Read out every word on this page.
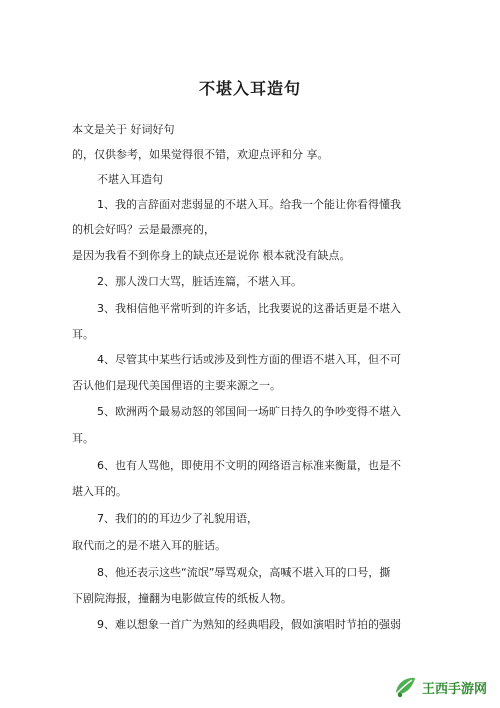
不堪入耳造句
本文是关于 好词好句
的，仅供参考，如果觉得很不错，欢迎点评和分 享。
不堪入耳造句
1、我的言辞面对悲弱显的不堪入耳。给我一个能让你看得懂我
的机会好吗？云是最漂亮的，
是因为我看不到你身上的缺点还是说你 根本就没有缺点。
2、那人泼口大骂，脏话连篇，不堪入耳。
3、我相信他平常听到的许多话，比我要说的这番话更是不堪入
耳。
4、尽管其中某些行话或涉及到性方面的俚语不堪入耳，但不可
否认他们是现代美国俚语的主要来源之一。
5、欧洲两个最易动怒的邻国间一场旷日持久的争吵变得不堪入
耳。
6、也有人骂他，即使用不文明的网络语言标准来衡量，也是不
堪入耳的。
7、我们的的耳边少了礼貌用语，
取代而之的是不堪入耳的脏话。
8、他还表示这些“流氓”辱骂观众，高喊不堪入耳的口号，撕
下剧院海报，撞翻为电影做宣传的纸板人物。
9、难以想象一首广为熟知的经典唱段，假如演唱时节拍的强弱
王西手游网
